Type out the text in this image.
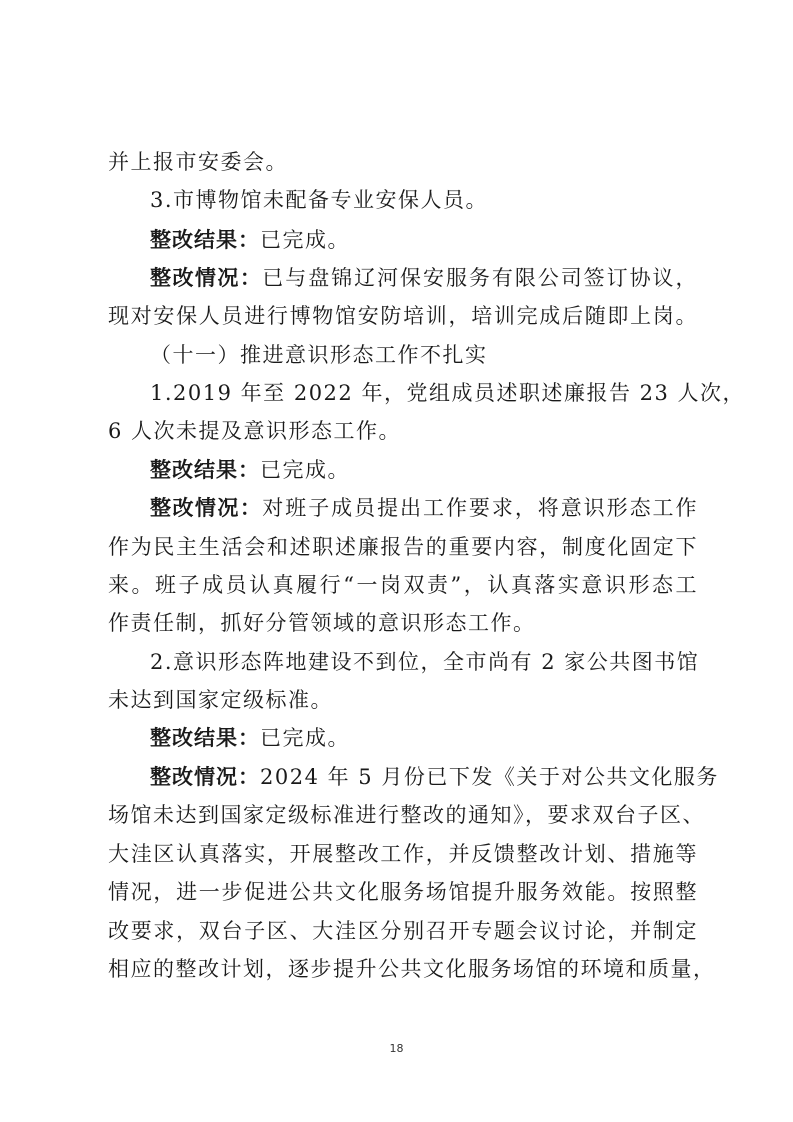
并上报市安委会。
3.市博物馆未配备专业安保人员。
整改结果：已完成。
整改情况：已与盘锦辽河保安服务有限公司签订协议，
现对安保人员进行博物馆安防培训，培训完成后随即上岗。
（十一）推进意识形态工作不扎实
1.2019 年至 2022 年，党组成员述职述廉报告 23 人次，
6 人次未提及意识形态工作。
整改结果：已完成。
整改情况：对班子成员提出工作要求，将意识形态工作
作为民主生活会和述职述廉报告的重要内容，制度化固定下
来。班子成员认真履行“一岗双责”，认真落实意识形态工
作责任制，抓好分管领域的意识形态工作。
2.意识形态阵地建设不到位，全市尚有 2 家公共图书馆
未达到国家定级标准。
整改结果：已完成。
整改情况：2024 年 5 月份已下发《关于对公共文化服务
场馆未达到国家定级标准进行整改的通知》，要求双台子区、
大洼区认真落实，开展整改工作，并反馈整改计划、措施等
情况，进一步促进公共文化服务场馆提升服务效能。按照整
改要求，双台子区、大洼区分别召开专题会议讨论，并制定
相应的整改计划，逐步提升公共文化服务场馆的环境和质量，
18
